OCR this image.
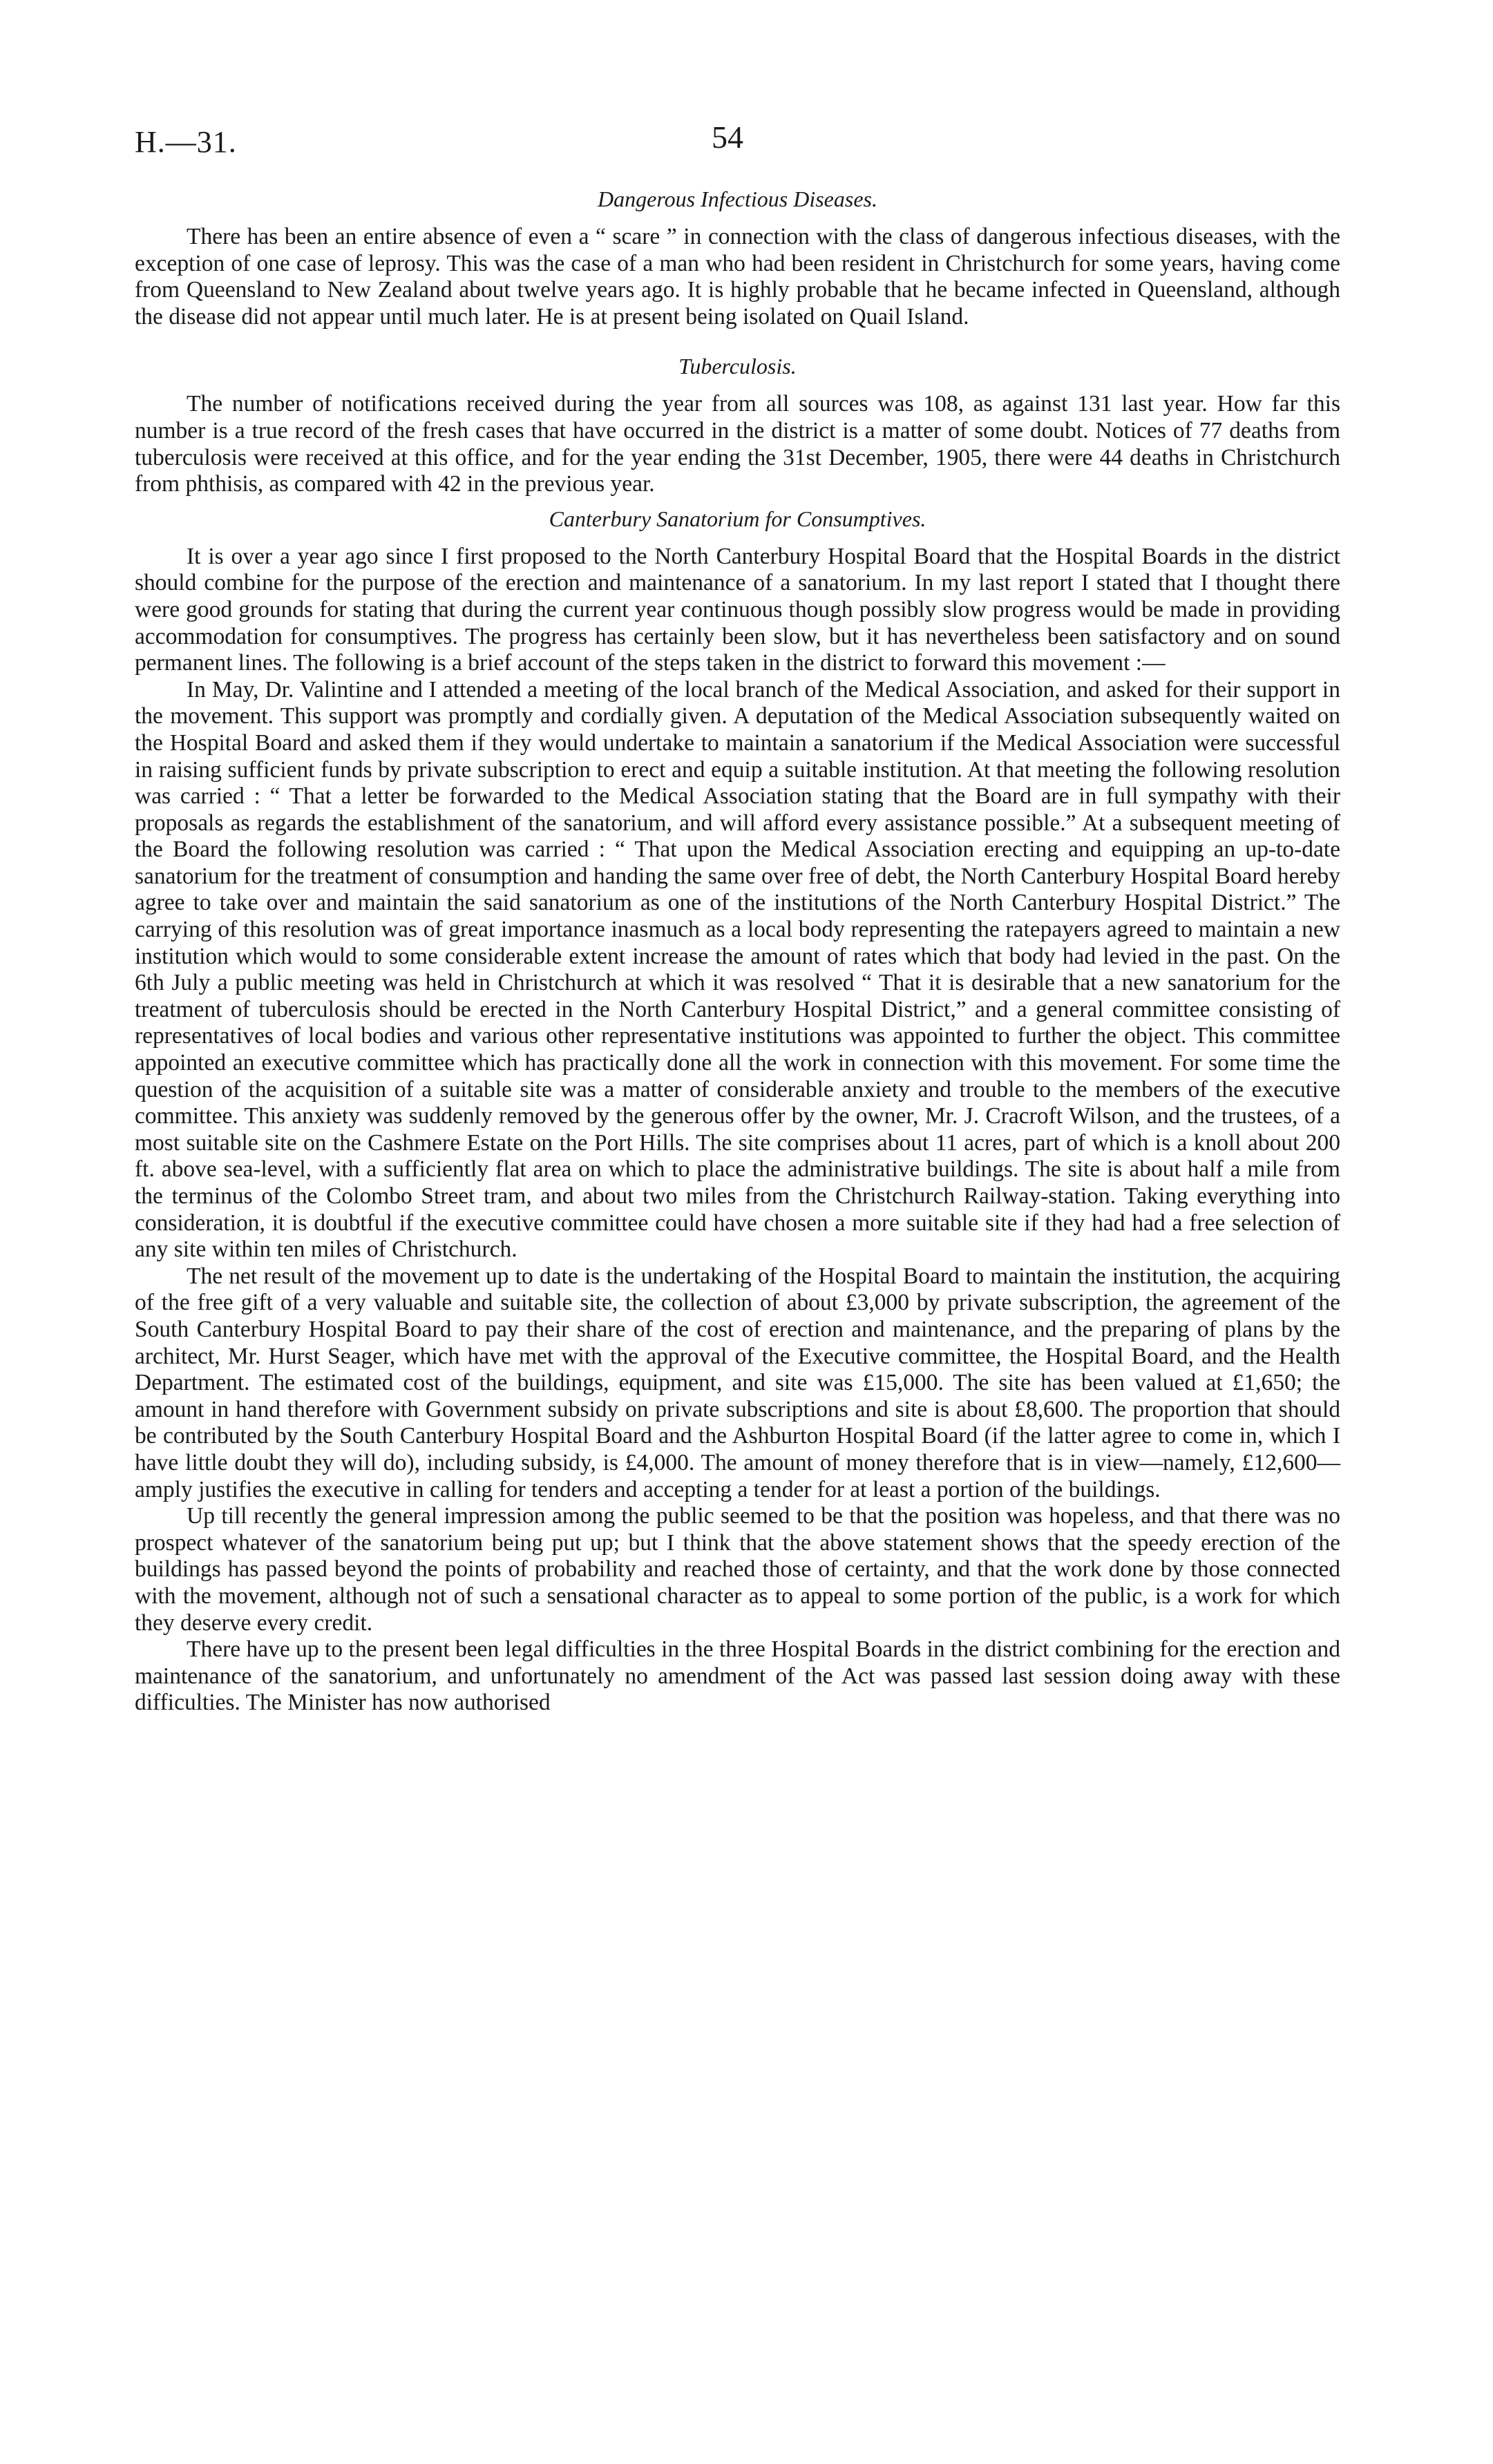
H.—31.	54
Dangerous Infectious Diseases.

There has been an entire absence of even a “ scare ” in connection with the class of dangerous infectious diseases, with the exception of one case of leprosy. This was the case of a man who had been resident in Christchurch for some years, having come from Queensland to New Zealand about twelve years ago. It is highly probable that he became infected in Queensland, although the disease did not appear until much later. He is at present being isolated on Quail Island.

Tuberculosis.

The number of notifications received during the year from all sources was 108, as against 131 last year. How far this number is a true record of the fresh cases that have occurred in the district is a matter of some doubt. Notices of 77 deaths from tuberculosis were received at this office, and for the year ending the 31st December, 1905, there were 44 deaths in Christchurch from phthisis, as compared with 42 in the previous year.

Canterbury Sanatorium for Consumptives.

It is over a year ago since I first proposed to the North Canterbury Hospital Board that the Hospital Boards in the district should combine for the purpose of the erection and maintenance of a sanatorium. In my last report I stated that I thought there were good grounds for stating that during the current year continuous though possibly slow progress would be made in providing accommodation for consumptives. The progress has certainly been slow, but it has nevertheless been satisfactory and on sound permanent lines. The following is a brief account of the steps taken in the district to forward this movement :—

In May, Dr. Valintine and I attended a meeting of the local branch of the Medical Association, and asked for their support in the movement. This support was promptly and cordially given. A deputation of the Medical Association subsequently waited on the Hospital Board and asked them if they would undertake to maintain a sanatorium if the Medical Association were successful in raising sufficient funds by private subscription to erect and equip a suitable institution. At that meeting the following resolution was carried : “ That a letter be forwarded to the Medical Association stating that the Board are in full sympathy with their proposals as regards the establishment of the sanatorium, and will afford every assistance possible.” At a subsequent meeting of the Board the following resolution was carried : “ That upon the Medical Association erecting and equipping an up-to-date sanatorium for the treatment of consumption and handing the same over free of debt, the North Canterbury Hospital Board hereby agree to take over and maintain the said sanatorium as one of the institutions of the North Canterbury Hospital District.” The carrying of this resolution was of great importance inasmuch as a local body representing the ratepayers agreed to maintain a new institution which would to some considerable extent increase the amount of rates which that body had levied in the past. On the 6th July a public meeting was held in Christchurch at which it was resolved “ That it is desirable that a new sanatorium for the treatment of tuberculosis should be erected in the North Canterbury Hospital District,” and a general committee consisting of representatives of local bodies and various other representative institutions was appointed to further the object. This committee appointed an executive committee which has practically done all the work in connection with this movement. For some time the question of the acquisition of a suitable site was a matter of considerable anxiety and trouble to the members of the executive committee. This anxiety was suddenly removed by the generous offer by the owner, Mr. J. Cracroft Wilson, and the trustees, of a most suitable site on the Cashmere Estate on the Port Hills. The site comprises about 11 acres, part of which is a knoll about 200 ft. above sea-level, with a sufficiently flat area on which to place the administrative buildings. The site is about half a mile from the terminus of the Colombo Street tram, and about two miles from the Christchurch Railway-station. Taking everything into consideration, it is doubtful if the executive committee could have chosen a more suitable site if they had had a free selection of any site within ten miles of Christchurch.

The net result of the movement up to date is the undertaking of the Hospital Board to maintain the institution, the acquiring of the free gift of a very valuable and suitable site, the collection of about £3,000 by private subscription, the agreement of the South Canterbury Hospital Board to pay their share of the cost of erection and maintenance, and the preparing of plans by the architect, Mr. Hurst Seager, which have met with the approval of the Executive committee, the Hospital Board, and the Health Department. The estimated cost of the buildings, equipment, and site was £15,000. The site has been valued at £1,650; the amount in hand therefore with Government subsidy on private subscriptions and site is about £8,600. The proportion that should be contributed by the South Canterbury Hospital Board and the Ashburton Hospital Board (if the latter agree to come in, which I have little doubt they will do), including subsidy, is £4,000. The amount of money therefore that is in view—namely, £12,600—amply justifies the executive in calling for tenders and accepting a tender for at least a portion of the buildings.

Up till recently the general impression among the public seemed to be that the position was hopeless, and that there was no prospect whatever of the sanatorium being put up; but I think that the above statement shows that the speedy erection of the buildings has passed beyond the points of probability and reached those of certainty, and that the work done by those connected with the movement, although not of such a sensational character as to appeal to some portion of the public, is a work for which they deserve every credit.

There have up to the present been legal difficulties in the three Hospital Boards in the district combining for the erection and maintenance of the sanatorium, and unfortunately no amendment of the Act was passed last session doing away with these difficulties. The Minister has now authorised
